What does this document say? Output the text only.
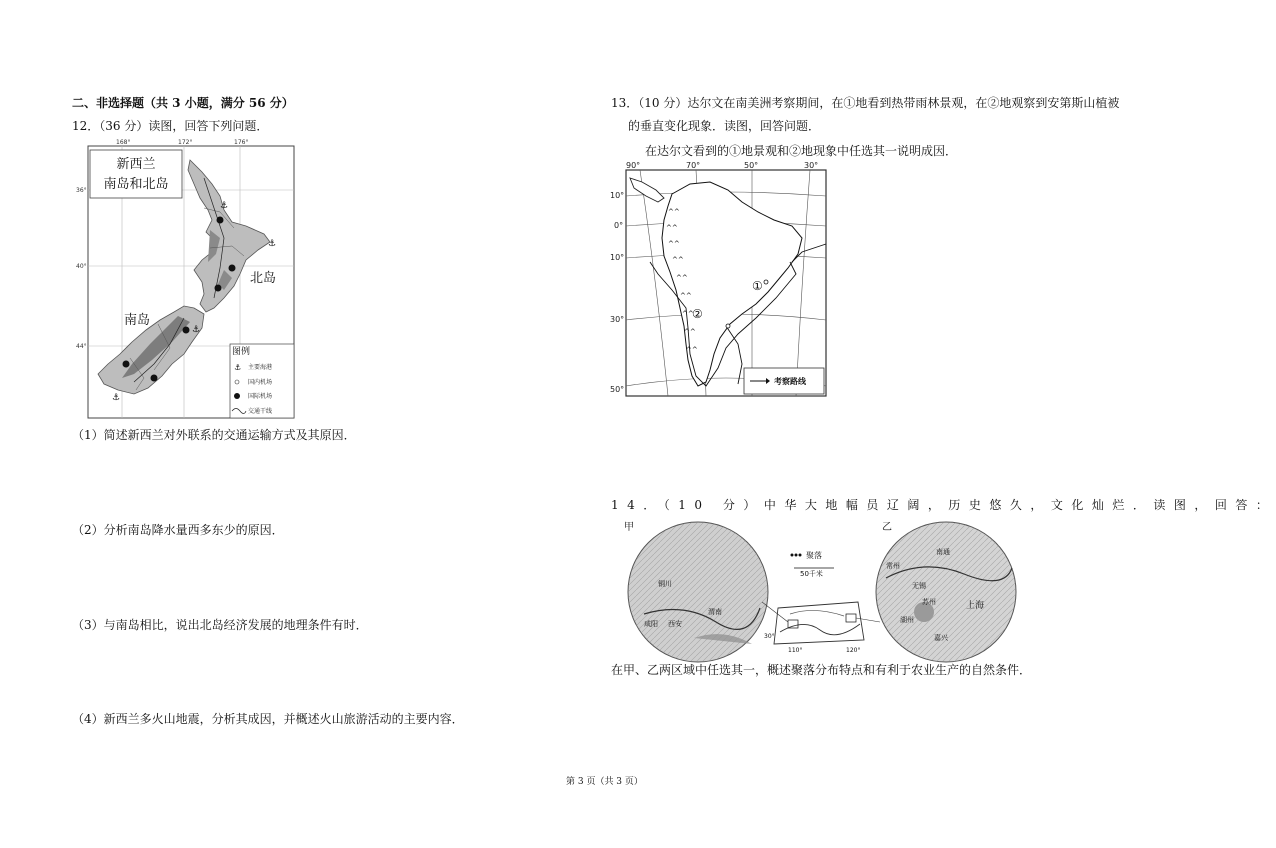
二、非选择题（共 3 小题，满分 56 分）
12．（36 分）读图，回答下列问题．
168°	172°	176°
36°
40°
44°
⚓
⚓
⚓
⚓
新西兰
南岛和北岛
北岛
南岛
图例
⚓ 主要海港
国内机场
国际机场
交通干线
（1）简述新西兰对外联系的交通运输方式及其原因．
（2）分析南岛降水量西多东少的原因．
（3）与南岛相比，说出北岛经济发展的地理条件有时．
（4）新西兰多火山地震，分析其成因，并概述火山旅游活动的主要内容．
13．（10 分）达尔文在南美洲考察期间，在①地看到热带雨林景观，在②地观察到安第斯山植被
的垂直变化现象．读图，回答问题．
在达尔文看到的①地景观和②地现象中任选其一说明成因．
90°	70°	50°	30°
10°
0°
10°
30°
50°
^^
^^
^^
^^
^^
^^
^^
^^
^^
①
②
考察路线
14．（10 分）中华大地幅员辽阔，历史悠久，文化灿烂．读图，回答：
铜川
渭南
咸阳 西安
甲
南通
常州
无锡
苏州	上海
湖州
嘉兴
乙
聚落
50千米
110°	120°
30°
在甲、乙两区域中任选其一，概述聚落分布特点和有利于农业生产的自然条件．
第 3 页（共 3 页）
